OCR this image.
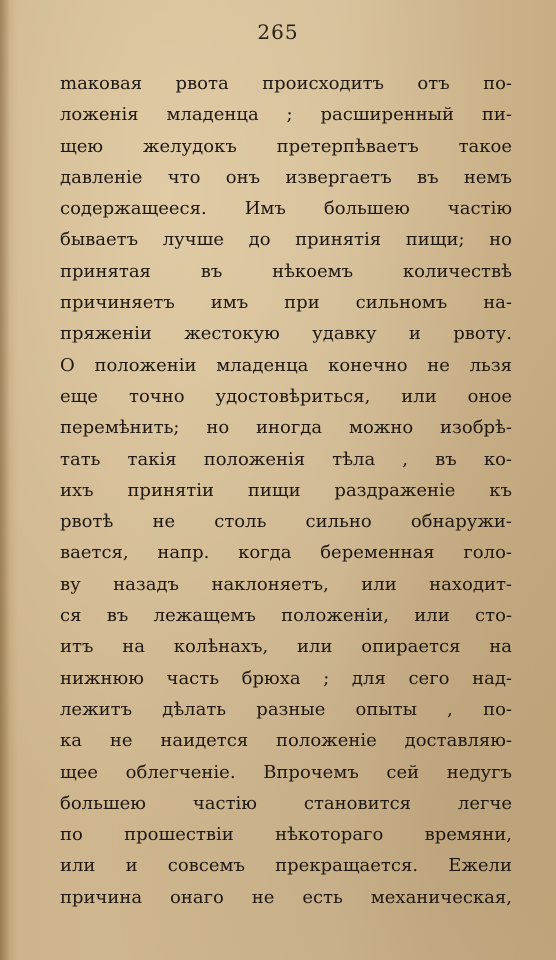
265
mаковая рвота происходитъ отъ по-
ложенія младенца ; расширенный пи-
щею желудокъ претерпѣваетъ такое
давленіе что онъ извергаетъ въ немъ
содержащееся. Имъ большею частію
бываетъ лучше до принятія пищи; но
принятая въ нѣкоемъ количествѣ
причиняетъ имъ при сильномъ на-
пряженіи жестокую удавку и рвоту.
О положеніи младенца конечно не льзя
еще точно удостовѣриться, или оное
перемѣнить; но иногда можно изобрѣ-
тать такія положенія тѣла , въ ко-
ихъ принятіи пищи раздраженіе къ
рвотѣ не столь сильно обнаружи-
вается, напр. когда беременная голо-
ву назадъ наклоняетъ, или находит-
ся въ лежащемъ положеніи, или сто-
итъ на колѣнахъ, или опирается на
нижнюю часть брюха ; для сего над-
лежитъ дѣлать разные опыты , по-
ка не наидется положеніе доставляю-
щее облегченіе. Впрочемъ сей недугъ
большею частію становится легче
по прошествіи нѣкотораго времяни,
или и совсемъ прекращается. Ежели
причина онаго не есть механическая,
